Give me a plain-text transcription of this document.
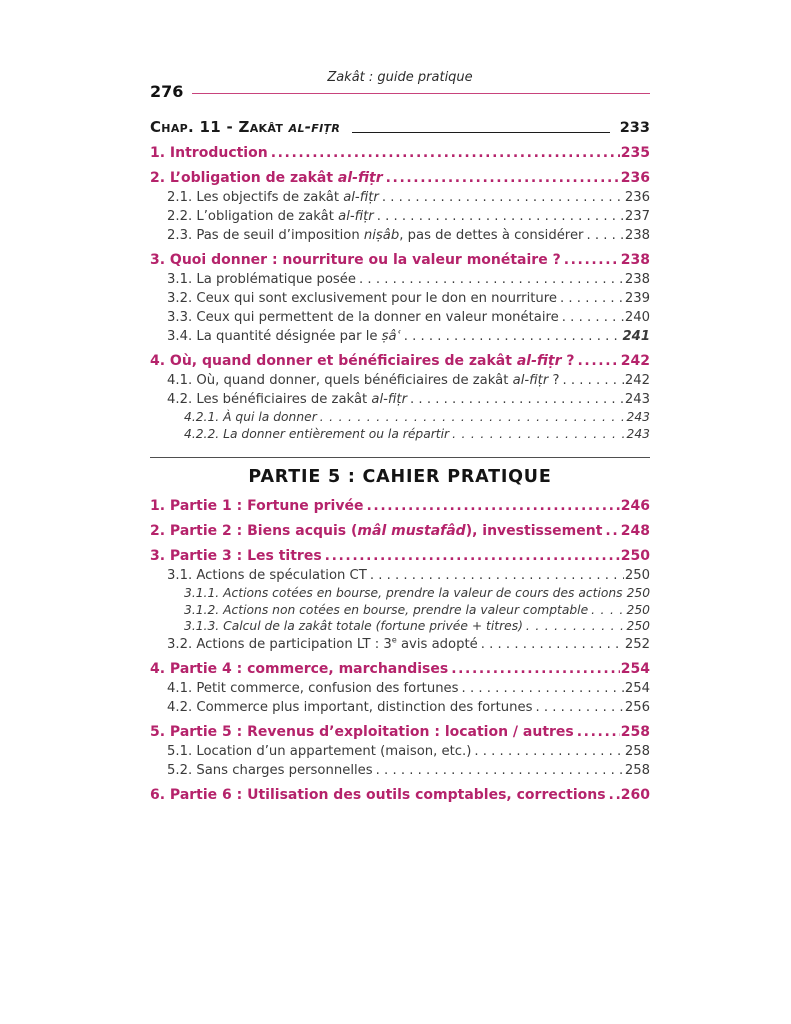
Zakât : guide pratique
276
Chap. 11 - Zakât al-fiṭr	233
1. Introduction .....	235
2. L’obligation de zakât al-fiṭr .....	236
2.1. Les objectifs de zakât al-fiṭr .....	236
2.2. L’obligation de zakât al-fiṭr .....	237
2.3. Pas de seuil d’imposition niṣâb, pas de dettes à considérer .....	238
3. Quoi donner : nourriture ou la valeur monétaire ? .....	238
3.1. La problématique posée .....	238
3.2. Ceux qui sont exclusivement pour le don en nourriture .....	239
3.3. Ceux qui permettent de la donner en valeur monétaire .....	240
3.4. La quantité désignée par le ṣâʿ .....	241
4. Où, quand donner et bénéficiaires de zakât al-fiṭr ? .....	242
4.1. Où, quand donner, quels bénéficiaires de zakât al-fiṭr ? .....	242
4.2. Les bénéficiaires de zakât al-fiṭr .....	243
4.2.1. À qui la donner .....	243
4.2.2. La donner entièrement ou la répartir .....	243
PARTIE 5 : CAHIER PRATIQUE
1. Partie 1 : Fortune privée .....	246
2. Partie 2 : Biens acquis (mâl mustafâd), investissement ..... 248
3. Partie 3 : Les titres .....	250
3.1. Actions de spéculation CT .....	250
3.1.1. Actions cotées en bourse, prendre la valeur de cours des actions 250
3.1.2. Actions non cotées en bourse, prendre la valeur comptable .....	250
3.1.3. Calcul de la zakât totale (fortune privée + titres) .....	250
3.2. Actions de participation LT : 3e avis adopté .....	252
4. Partie 4 : commerce, marchandises .....	254
4.1. Petit commerce, confusion des fortunes .....	254
4.2. Commerce plus important, distinction des fortunes .....	256
5. Partie 5 : Revenus d’exploitation : location / autres .....	258
5.1. Location d’un appartement (maison, etc.) .....	258
5.2. Sans charges personnelles .....	258
6. Partie 6 : Utilisation des outils comptables, corrections ..... 260
